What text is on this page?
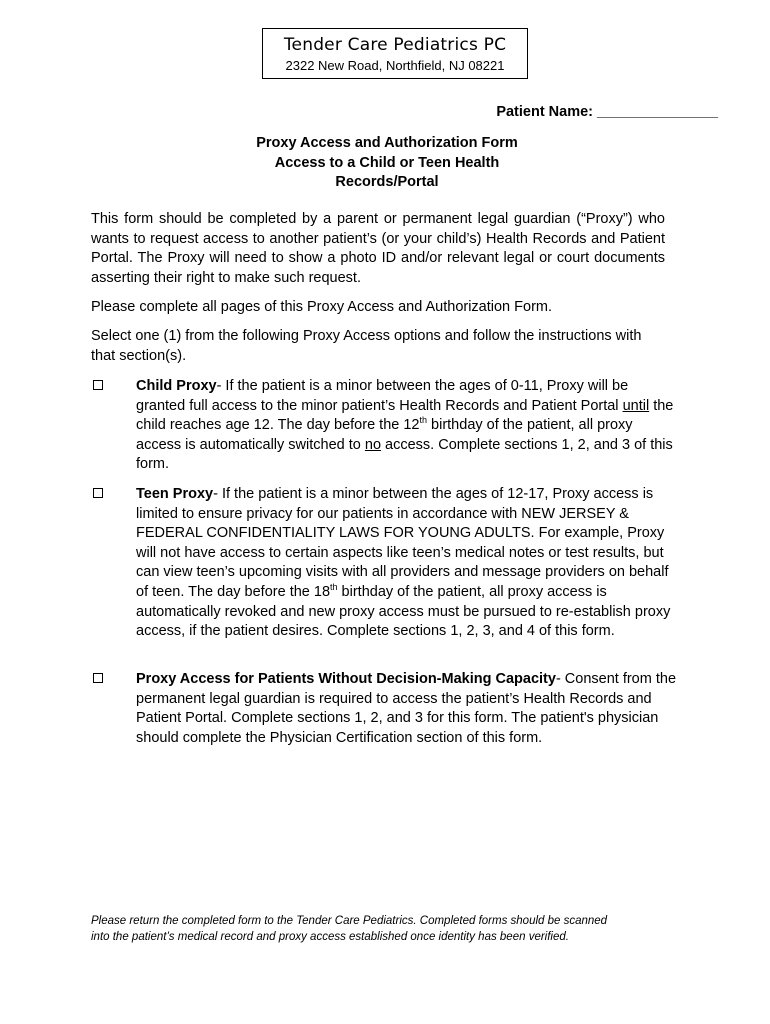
Tender Care Pediatrics PC
2322 New Road, Northfield, NJ 08221
Patient Name: _______________
Proxy Access and Authorization Form
Access to a Child or Teen Health
Records/Portal
This form should be completed by a parent or permanent legal guardian (“Proxy”) who wants to request access to another patient’s (or your child’s) Health Records and Patient Portal. The Proxy will need to show a photo ID and/or relevant legal or court documents asserting their right to make such request.
Please complete all pages of this Proxy Access and Authorization Form.
Select one (1) from the following Proxy Access options and follow the instructions with that section(s).
Child Proxy- If the patient is a minor between the ages of 0-11, Proxy will be granted full access to the minor patient’s Health Records and Patient Portal until the child reaches age 12. The day before the 12th birthday of the patient, all proxy access is automatically switched to no access. Complete sections 1, 2, and 3 of this form.
Teen Proxy- If the patient is a minor between the ages of 12-17, Proxy access is limited to ensure privacy for our patients in accordance with NEW JERSEY & FEDERAL CONFIDENTIALITY LAWS FOR YOUNG ADULTS. For example, Proxy will not have access to certain aspects like teen’s medical notes or test results, but can view teen’s upcoming visits with all providers and message providers on behalf of teen. The day before the 18th birthday of the patient, all proxy access is automatically revoked and new proxy access must be pursued to re-establish proxy access, if the patient desires. Complete sections 1, 2, 3, and 4 of this form.
Proxy Access for Patients Without Decision-Making Capacity- Consent from the permanent legal guardian is required to access the patient’s Health Records and Patient Portal. Complete sections 1, 2, and 3 for this form. The patient's physician should complete the Physician Certification section of this form.
Please return the completed form to the Tender Care Pediatrics. Completed forms should be scanned
into the patient’s medical record and proxy access established once identity has been verified.
